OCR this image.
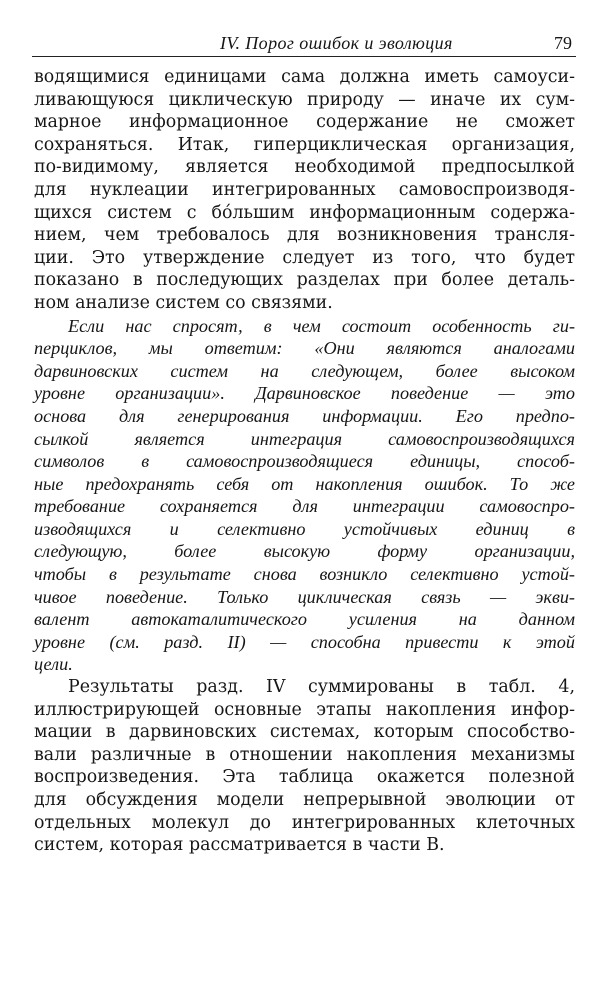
IV. Порог ошибок и эволюция	79
водящимися единицами сама должна иметь самоуси-
ливающуюся циклическую природу — иначе их сум-
марное информационное содержание не сможет
сохраняться. Итак, гиперциклическая организация,
по-видимому, является необходимой предпосылкой
для нуклеации интегрированных самовоспроизводя-
щихся систем с бо́льшим информационным содержа-
нием, чем требовалось для возникновения трансля-
ции. Это утверждение следует из того, что будет
показано в последующих разделах при более деталь-
ном анализе систем со связями.
Если нас спросят, в чем состоит особенность ги-
перциклов, мы ответим: «Они являются аналогами
дарвиновских систем на следующем, более высоком
уровне организации». Дарвиновское поведение — это
основа для генерирования информации. Его предпо-
сылкой является интеграция самовоспроизводящихся
символов в самовоспроизводящиеся единицы, способ-
ные предохранять себя от накопления ошибок. То же
требование сохраняется для интеграции самовоспро-
изводящихся и селективно устойчивых единиц в
следующую, более высокую форму организации,
чтобы в результате снова возникло селективно устой-
чивое поведение. Только циклическая связь — экви-
валент автокаталитического усиления на данном
уровне (см. разд. II) — способна привести к этой
цели.
Результаты разд. IV суммированы в табл. 4,
иллюстрирующей основные этапы накопления инфор-
мации в дарвиновских системах, которым способство-
вали различные в отношении накопления механизмы
воспроизведения. Эта таблица окажется полезной
для обсуждения модели непрерывной эволюции от
отдельных молекул до интегрированных клеточных
систем, которая рассматривается в части В.
